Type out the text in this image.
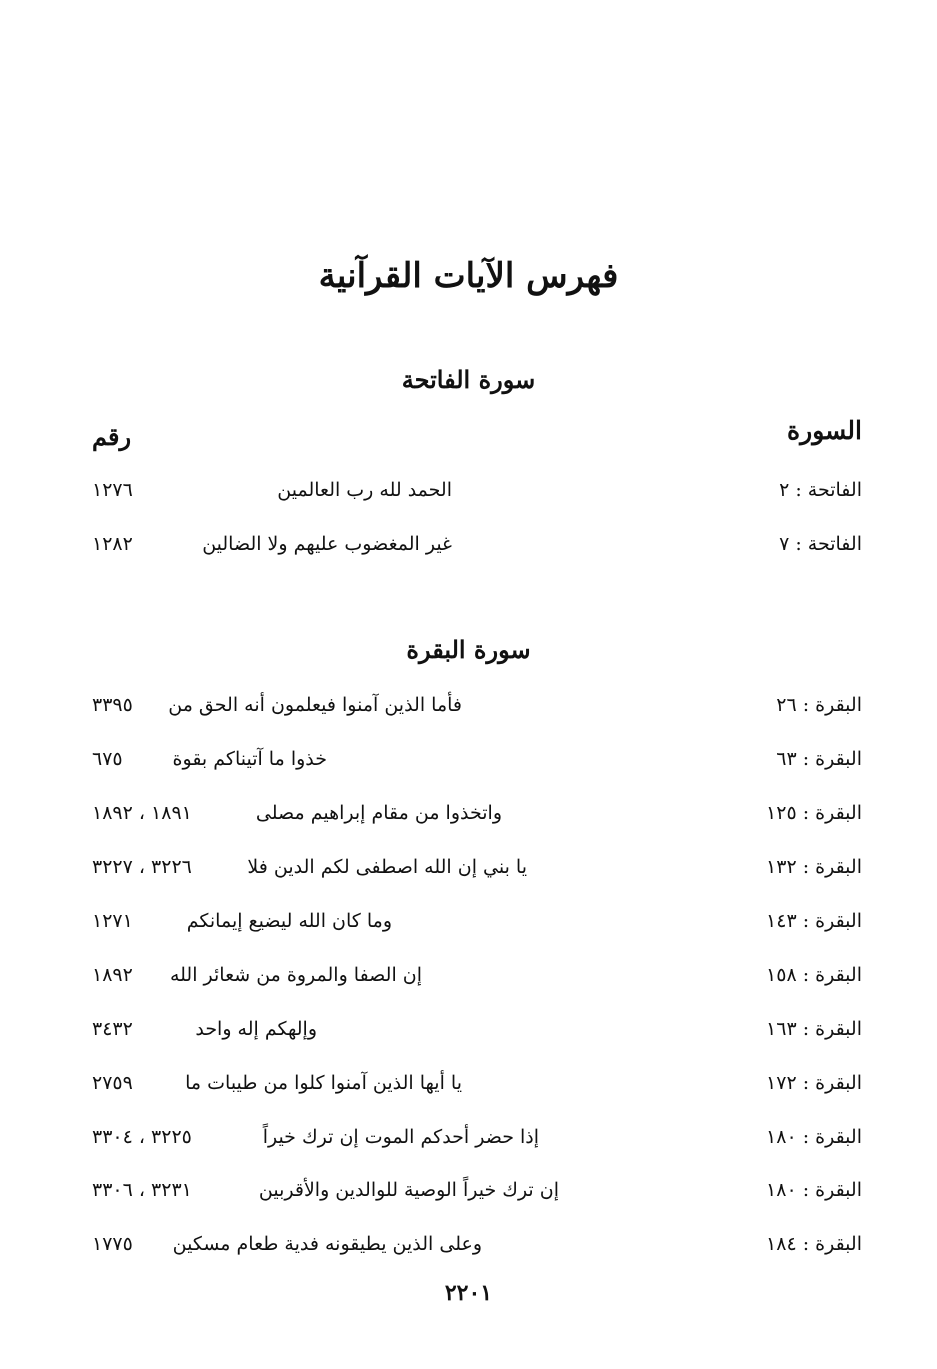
فهرس الآيات القرآنية
سورة الفاتحة
السورة
رقم
الفاتحة : ٢
الحمد لله رب العالمين
١٢٧٦
الفاتحة : ٧
غير المغضوب عليهم ولا الضالين
١٢٨٢
سورة البقرة
البقرة : ٢٦
فأما الذين آمنوا فيعلمون أنه الحق من
٣٣٩٥
البقرة : ٦٣
خذوا ما آتيناكم بقوة
٦٧٥
البقرة : ١٢٥
واتخذوا من مقام إبراهيم مصلى
١٨٩١ ، ١٨٩٢
البقرة : ١٣٢
يا بني إن الله اصطفى لكم الدين فلا
٣٢٢٦ ، ٣٢٢٧
البقرة : ١٤٣
وما كان الله ليضيع إيمانكم
١٢٧١
البقرة : ١٥٨
إن الصفا والمروة من شعائر الله
١٨٩٢
البقرة : ١٦٣
وإلهكم إله واحد
٣٤٣٢
البقرة : ١٧٢
يا أيها الذين آمنوا كلوا من طيبات ما
٢٧٥٩
البقرة : ١٨٠
إذا حضر أحدكم الموت إن ترك خيراً
٣٢٢٥ ، ٣٣٠٤
البقرة : ١٨٠
إن ترك خيراً الوصية للوالدين والأقربين
٣٢٣١ ، ٣٣٠٦
البقرة : ١٨٤
وعلى الذين يطيقونه فدية طعام مسكين
١٧٧٥
٢٢٠١
